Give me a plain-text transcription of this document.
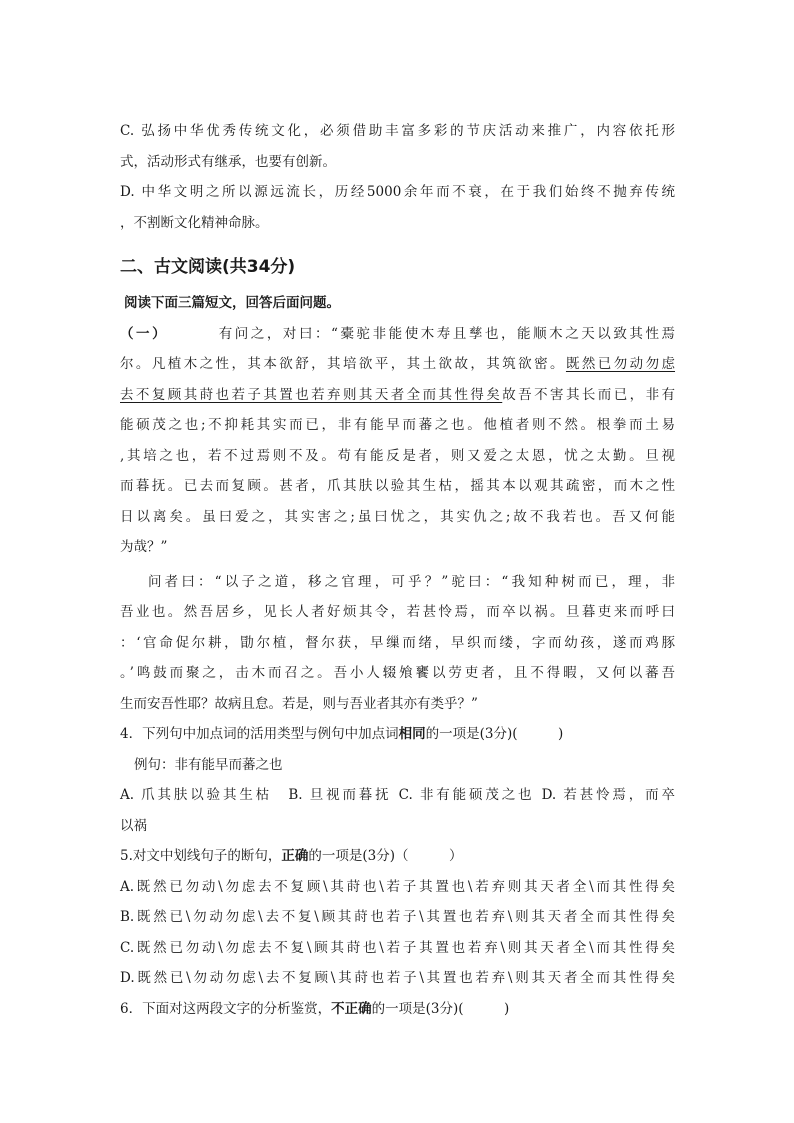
C. 弘扬中华优秀传统文化，必须借助丰富多彩的节庆活动来推广，内容依托形
式，活动形式有继承，也要有创新。
D. 中华文明之所以源远流长，历经5000余年而不衰，在于我们始终不抛弃传统
，不割断文化精神命脉。
二、古文阅读(共34分)
阅读下面三篇短文，回答后面问题。
（一）	有问之，对曰：“橐驼非能使木寿且孳也，能顺木之天以致其性焉
尔。凡植木之性，其本欲舒，其培欲平，其土欲故，其筑欲密。既然已勿动勿虑
去不复顾其莳也若子其置也若弃则其天者全而其性得矣故吾不害其长而已，非有
能硕茂之也;不抑耗其实而已，非有能早而蕃之也。他植者则不然。根拳而土易
,其培之也，若不过焉则不及。苟有能反是者，则又爱之太恩，忧之太勤。旦视
而暮抚。已去而复顾。甚者，爪其肤以验其生枯，摇其本以观其疏密，而木之性
日以离矣。虽曰爱之，其实害之;虽曰忧之，其实仇之;故不我若也。吾又何能
为哉？”
问者曰：“以子之道，移之官理，可乎？”驼曰：“我知种树而已，理，非
吾业也。然吾居乡，见长人者好烦其令，若甚怜焉，而卒以祸。旦暮吏来而呼曰
：‘官命促尔耕，勖尔植，督尔获，早缫而绪，早织而缕，字而幼孩，遂而鸡豚
。’鸣鼓而聚之，击木而召之。吾小人辍飧饔以劳吏者，且不得暇，又何以蕃吾
生而安吾性耶？故病且怠。若是，则与吾业者其亦有类乎？”
4．下列句中加点词的活用类型与例句中加点词相同的一项是(3分)(　　　)
例句：非有能早而蕃之也
A. 爪其肤以验其生枯　B. 旦视而暮抚 C. 非有能硕茂之也 D. 若甚怜焉，而卒
以祸
5.对文中划线句子的断句，正确的一项是(3分)（　　　）
A.既然已勿动\勿虑去不复顾\其莳也\若子其置也\若弃则其天者全\而其性得矣
B.既然已\勿动勿虑\去不复\顾其莳也若子\其置也若弃\则其天者全而其性得矣
C.既然已勿动\勿虑去不复\顾其莳也\若子其置也若弃\则其天者全\而其性得矣
D.既然已\勿动勿虑\去不复顾\其莳也若子\其置也若弃\则其天者全而其性得矣
6．下面对这两段文字的分析鉴赏，不正确的一项是(3分)(　　　)
